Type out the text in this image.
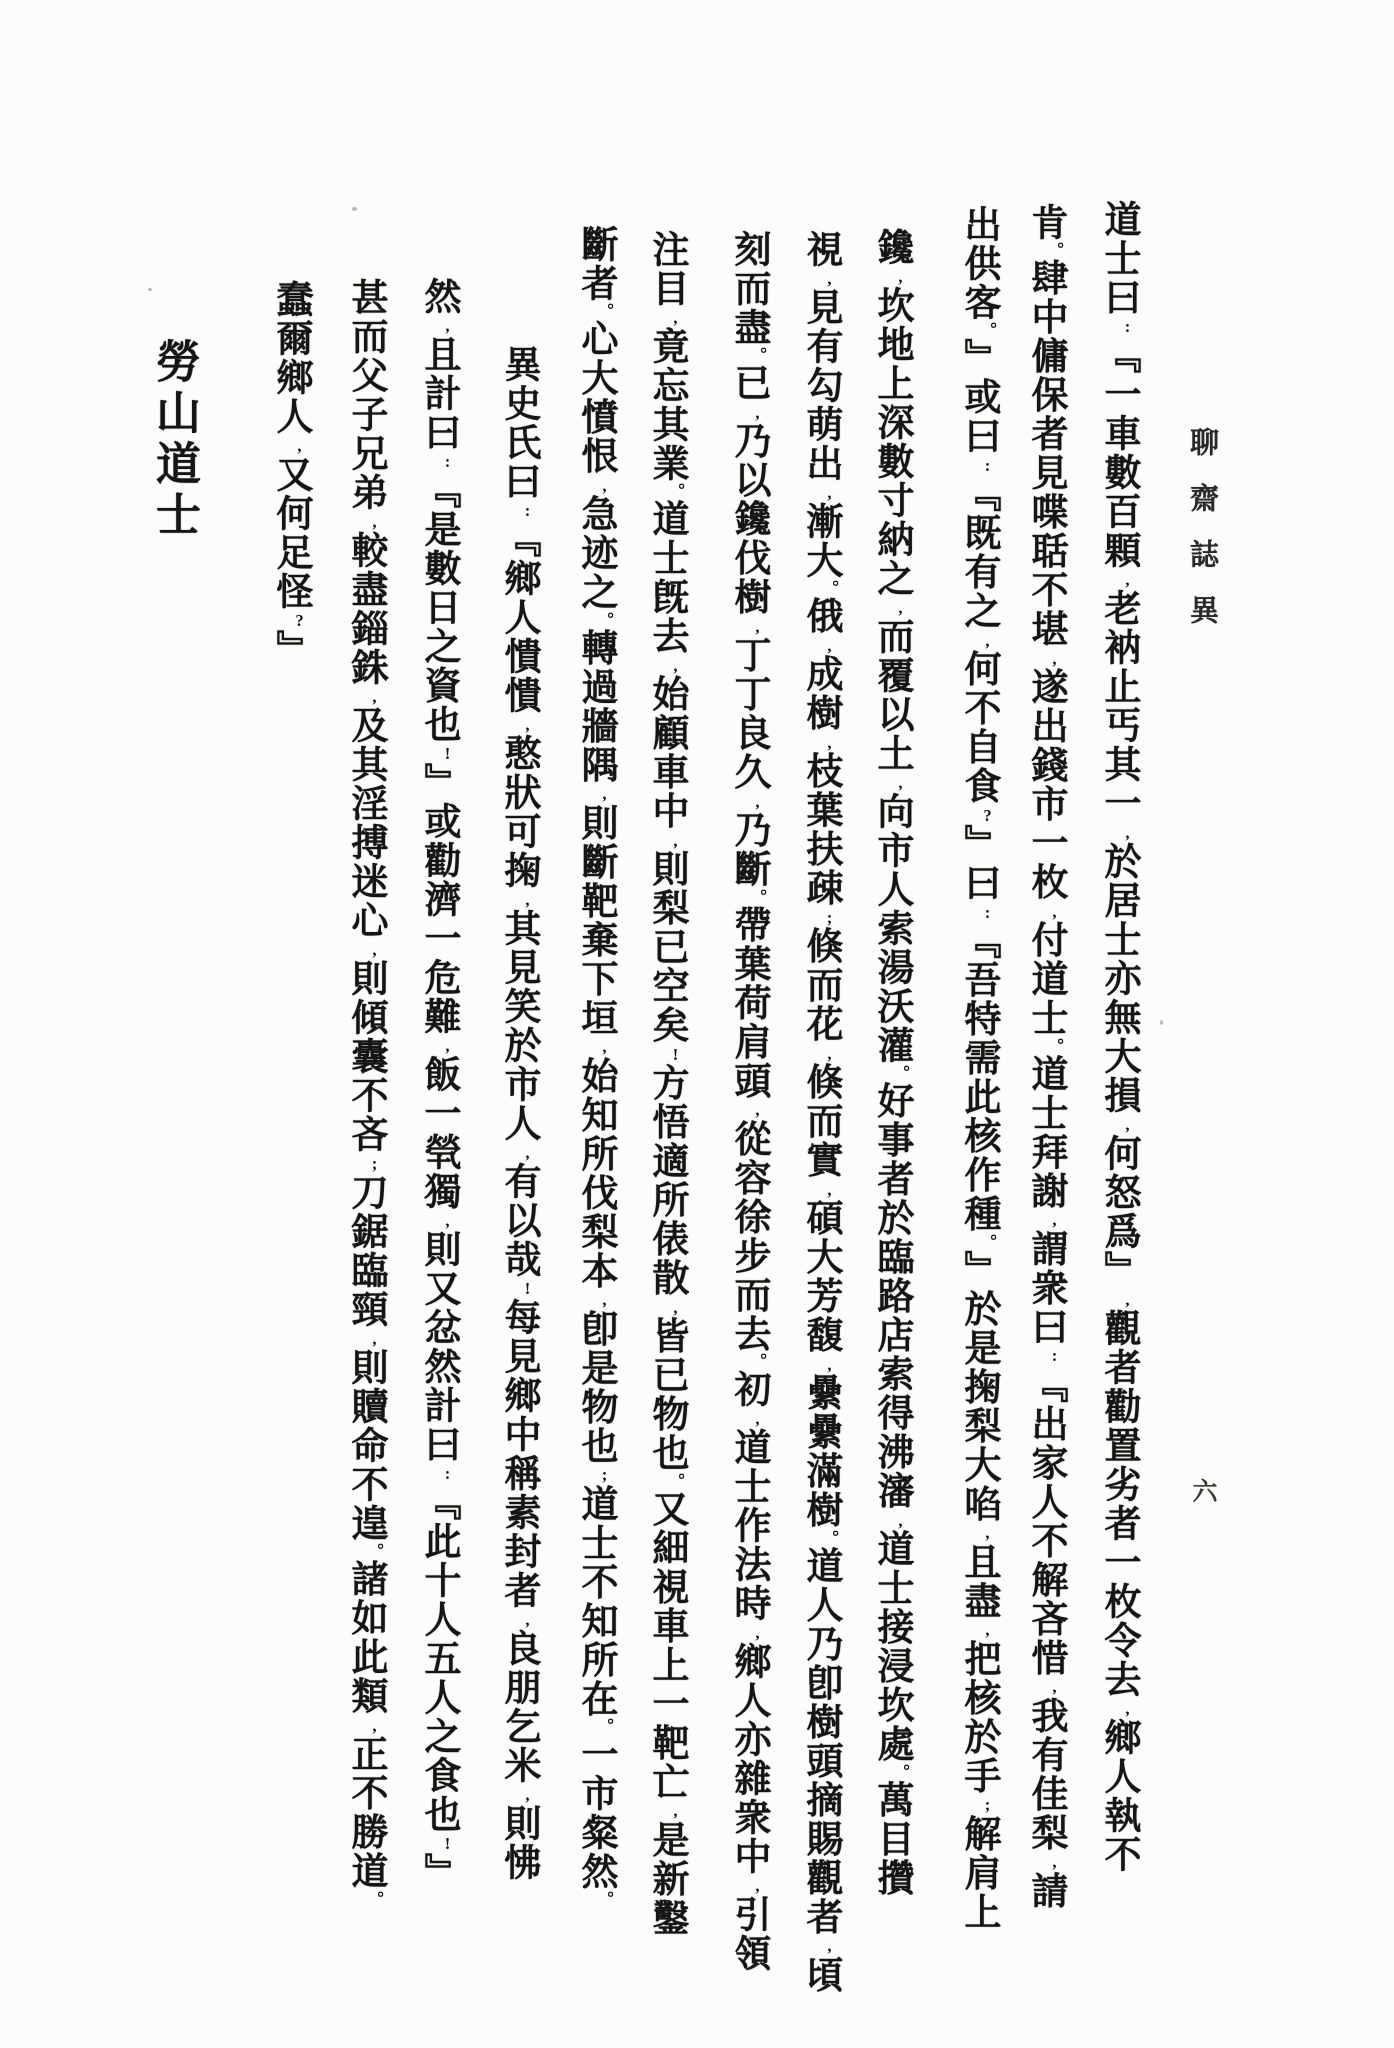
聊齋誌異
六
道士曰:『一車數百顆,老衲止丐其一,於居士亦無大損,何怒爲』,觀者勸置劣者一枚令去,鄉人執不
肯。肆中傭保者見喋聒不堪,遂出錢市一枚,付道士。道士拜謝,謂衆曰:『出家人不解吝惜,我有佳梨,請
出供客。』或曰:『既有之,何不自食?』曰:『吾特需此核作種。』於是掬梨大啗,且盡,把核於手;解肩上
鑱,坎地上深數寸納之,而覆以土,向市人索湯沃灌。好事者於臨路店索得沸瀋,道士接浸坎處。萬目攢
視,見有勾萌出,漸大。俄,成樹,枝葉扶疎;倏而花,倏而實,碩大芳馥,纍纍滿樹。道人乃卽樹頭摘賜觀者,頃
刻而盡。已,乃以鑱伐樹,丁丁良久,乃斷。帶葉荷肩頭,從容徐步而去。初,道士作法時,鄉人亦雜衆中,引領
注目,竟忘其業。道士旣去,始顧車中,則梨已空矣!方悟適所俵散,皆已物也。又細視車上一靶亡,是新鑿
斷者。心大憤恨,急迹之。轉過牆隅,則斷靶棄下垣,始知所伐梨本,卽是物也;道士不知所在。一市粲然。
異史氏曰:『鄉人憒憒,憨狀可掬,其見笑於市人,有以哉!每見鄉中稱素封者,良朋乞米,則怫
然,且計曰:『是數日之資也!』或勸濟一危難,飯一煢獨,則又忿然計曰:『此十人五人之食也!』
甚而父子兄弟,較盡錙銖,及其淫搏迷心,則傾囊不吝;刀鋸臨頸,則贖命不遑。諸如此類,正不勝道。
蠢爾鄉人,又何足怪?』
勞山道士
